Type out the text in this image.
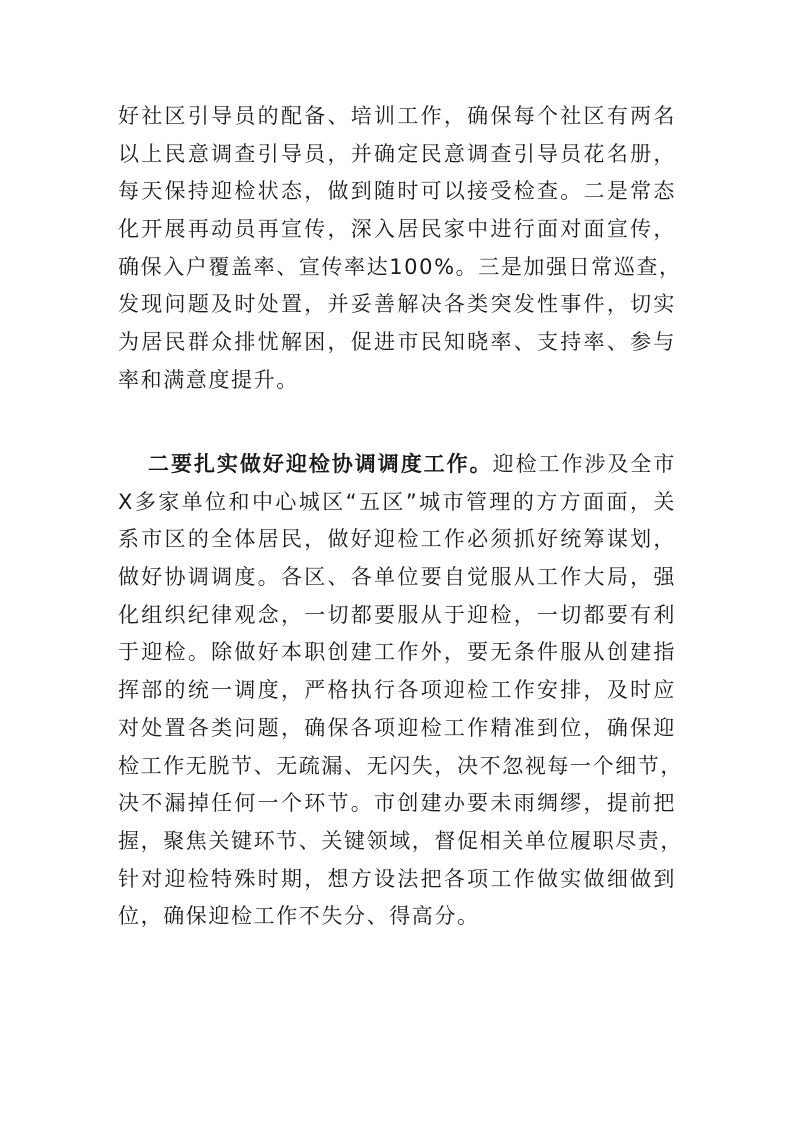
好社区引导员的配备、培训工作，确保每个社区有两名
以上民意调查引导员，并确定民意调查引导员花名册，
每天保持迎检状态，做到随时可以接受检查。二是常态
化开展再动员再宣传，深入居民家中进行面对面宣传，
确保入户覆盖率、宣传率达100%。三是加强日常巡查，
发现问题及时处置，并妥善解决各类突发性事件，切实
为居民群众排忧解困，促进市民知晓率、支持率、参与
率和满意度提升。
二要扎实做好迎检协调调度工作。迎检工作涉及全市
X多家单位和中心城区“五区”城市管理的方方面面，关
系市区的全体居民，做好迎检工作必须抓好统筹谋划，
做好协调调度。各区、各单位要自觉服从工作大局，强
化组织纪律观念，一切都要服从于迎检，一切都要有利
于迎检。除做好本职创建工作外，要无条件服从创建指
挥部的统一调度，严格执行各项迎检工作安排，及时应
对处置各类问题，确保各项迎检工作精准到位，确保迎
检工作无脱节、无疏漏、无闪失，决不忽视每一个细节，
决不漏掉任何一个环节。市创建办要未雨绸缪，提前把
握，聚焦关键环节、关键领域，督促相关单位履职尽责，
针对迎检特殊时期，想方设法把各项工作做实做细做到
位，确保迎检工作不失分、得高分。
